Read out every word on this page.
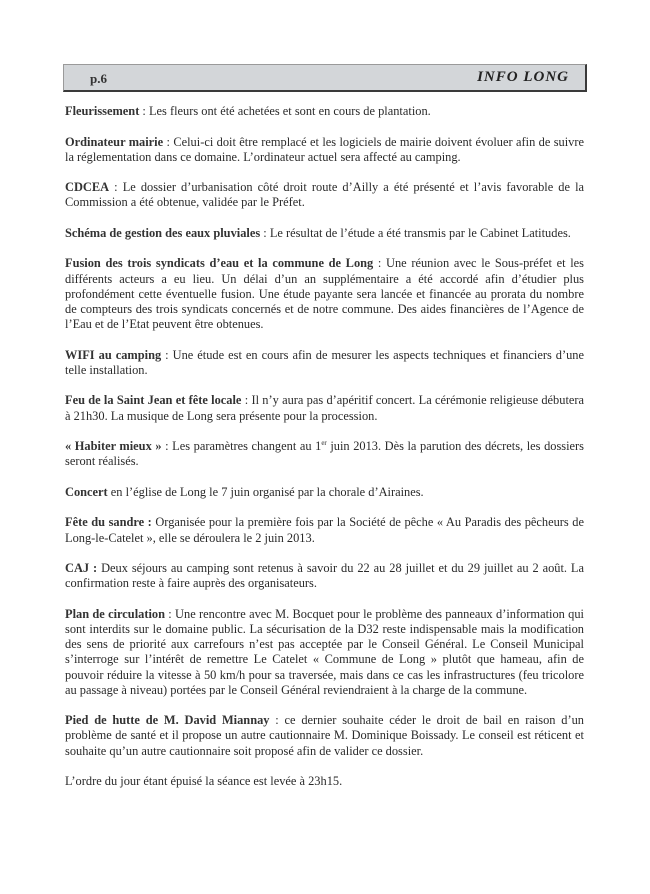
p.6	INFO LONG

Fleurissement : Les fleurs ont été achetées et sont en cours de plantation.

Ordinateur mairie : Celui-ci doit être remplacé et les logiciels de mairie doivent évoluer afin de suivre la réglementation dans ce domaine. L’ordinateur actuel sera affecté au camping.

CDCEA : Le dossier d’urbanisation côté droit route d’Ailly a été présenté et l’avis favorable de la Commission a été obtenue, validée par le Préfet.

Schéma de gestion des eaux pluviales : Le résultat de l’étude a été transmis par le Cabinet Latitudes.

Fusion des trois syndicats d’eau et la commune de Long : Une réunion avec le Sous-préfet et les différents acteurs a eu lieu. Un délai d’un an supplémentaire a été accordé afin d’étudier plus profondément cette éventuelle fusion. Une étude payante sera lancée et financée au prorata du nombre de compteurs des trois syndicats concernés et de notre commune. Des aides financières de l’Agence de l’Eau et de l’Etat peuvent être obtenues.

WIFI au camping : Une étude est en cours afin de mesurer les aspects techniques et financiers d’une telle installation.

Feu de la Saint Jean et fête locale : Il n’y aura pas d’apéritif concert. La cérémonie religieuse débutera à 21h30. La musique de Long sera présente pour la procession.

« Habiter mieux » : Les paramètres changent au 1er juin 2013. Dès la parution des décrets, les dossiers seront réalisés.

Concert en l’église de Long le 7 juin organisé par la chorale d’Airaines.

Fête du sandre : Organisée pour la première fois par la Société de pêche « Au Paradis des pêcheurs de Long-le-Catelet », elle se déroulera le 2 juin 2013.

CAJ : Deux séjours au camping sont retenus à savoir du 22 au 28 juillet et du 29 juillet au 2 août. La confirmation reste à faire auprès des organisateurs.

Plan de circulation : Une rencontre avec M. Bocquet pour le problème des panneaux d’information qui sont interdits sur le domaine public. La sécurisation de la D32 reste indispensable mais la modification des sens de priorité aux carrefours n’est pas acceptée par le Conseil Général. Le Conseil Municipal s’interroge sur l’intérêt de remettre Le Catelet « Commune de Long » plutôt que hameau, afin de pouvoir réduire la vitesse à 50 km/h pour sa traversée, mais dans ce cas les infrastructures (feu tricolore au passage à niveau) portées par le Conseil Général reviendraient à la charge de la commune.

Pied de hutte de M. David Miannay : ce dernier souhaite céder le droit de bail en raison d’un problème de santé et il propose un autre cautionnaire M. Dominique Boissady. Le conseil est réticent et souhaite qu’un autre cautionnaire soit proposé afin de valider ce dossier.

L’ordre du jour étant épuisé la séance est levée à 23h15.
